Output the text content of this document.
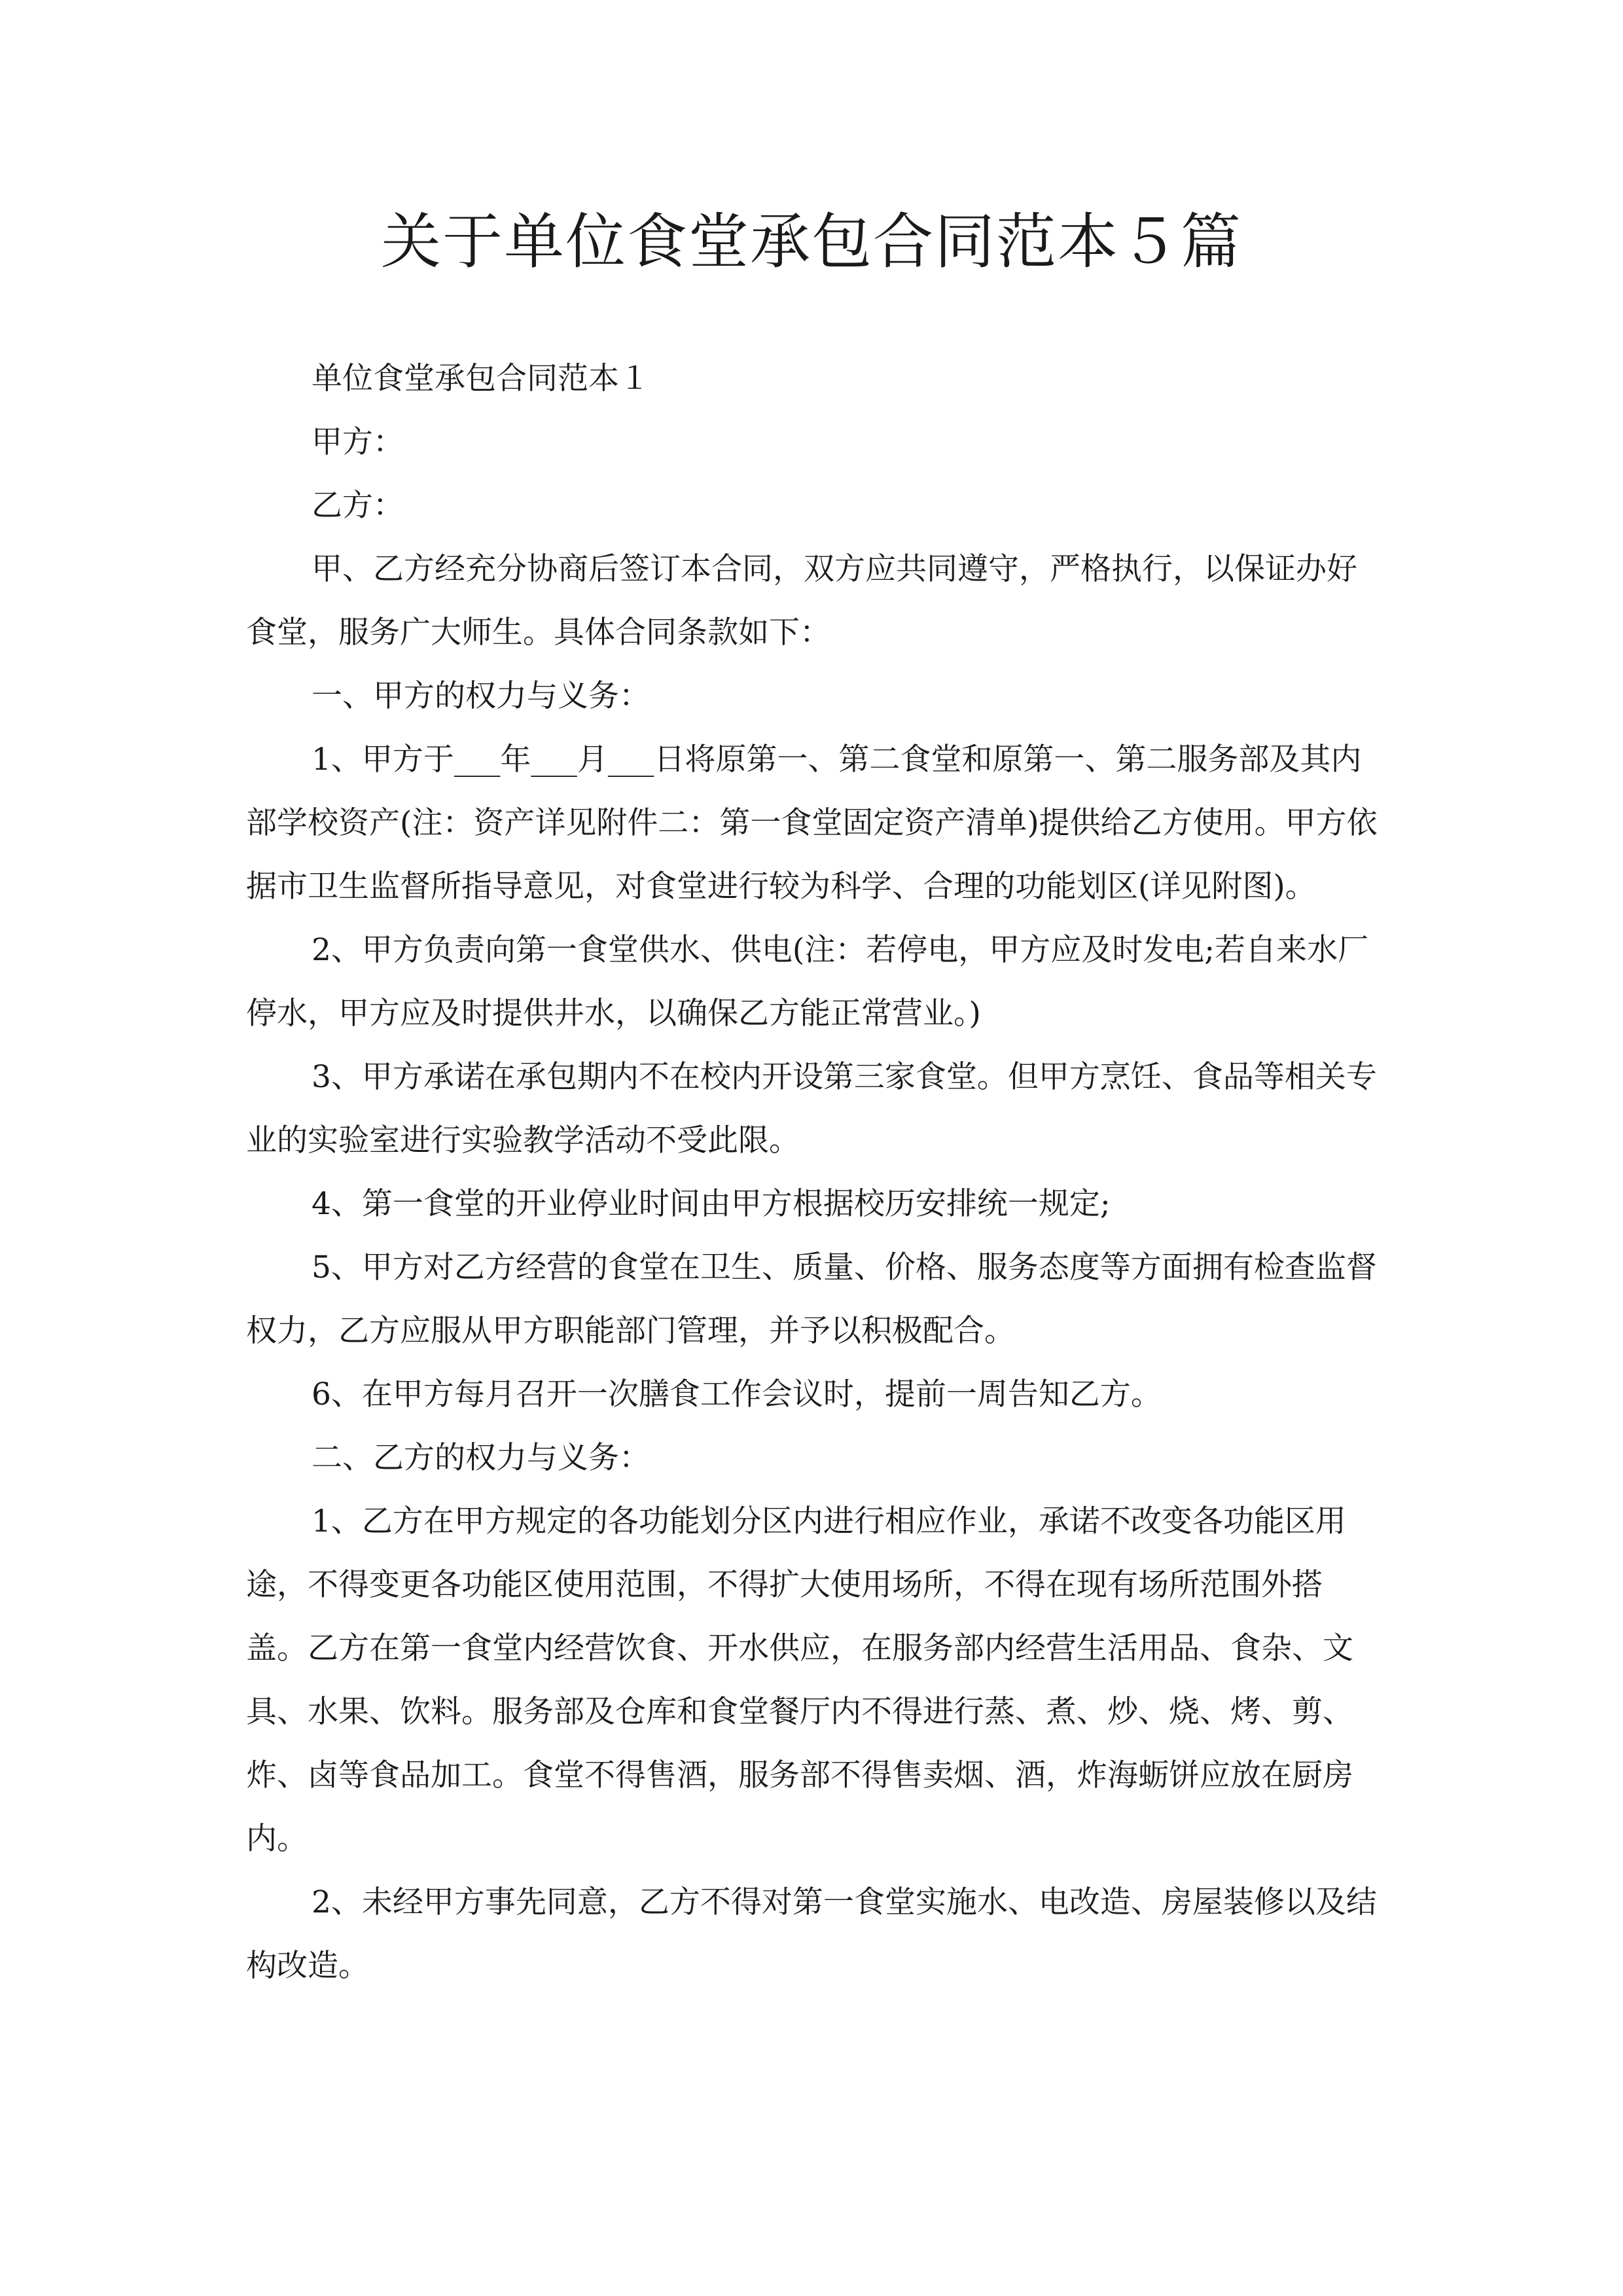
关于单位食堂承包合同范本５篇

单位食堂承包合同范本１

甲方：

乙方：

甲、乙方经充分协商后签订本合同，双方应共同遵守，严格执行，以保证办好食堂，服务广大师生。具体合同条款如下：

一、甲方的权力与义务：

1、甲方于___年___月___日将原第一、第二食堂和原第一、第二服务部及其内部学校资产(注：资产详见附件二：第一食堂固定资产清单)提供给乙方使用。甲方依据市卫生监督所指导意见，对食堂进行较为科学、合理的功能划区(详见附图)。

2、甲方负责向第一食堂供水、供电(注：若停电，甲方应及时发电;若自来水厂停水，甲方应及时提供井水，以确保乙方能正常营业。)

3、甲方承诺在承包期内不在校内开设第三家食堂。但甲方烹饪、食品等相关专业的实验室进行实验教学活动不受此限。

4、第一食堂的开业停业时间由甲方根据校历安排统一规定;

5、甲方对乙方经营的食堂在卫生、质量、价格、服务态度等方面拥有检查监督权力，乙方应服从甲方职能部门管理，并予以积极配合。

6、在甲方每月召开一次膳食工作会议时，提前一周告知乙方。

二、乙方的权力与义务：

1、乙方在甲方规定的各功能划分区内进行相应作业，承诺不改变各功能区用途，不得变更各功能区使用范围，不得扩大使用场所，不得在现有场所范围外搭盖。乙方在第一食堂内经营饮食、开水供应，在服务部内经营生活用品、食杂、文具、水果、饮料。服务部及仓库和食堂餐厅内不得进行蒸、煮、炒、烧、烤、剪、炸、卤等食品加工。食堂不得售酒，服务部不得售卖烟、酒，炸海蛎饼应放在厨房内。

2、未经甲方事先同意，乙方不得对第一食堂实施水、电改造、房屋装修以及结构改造。
